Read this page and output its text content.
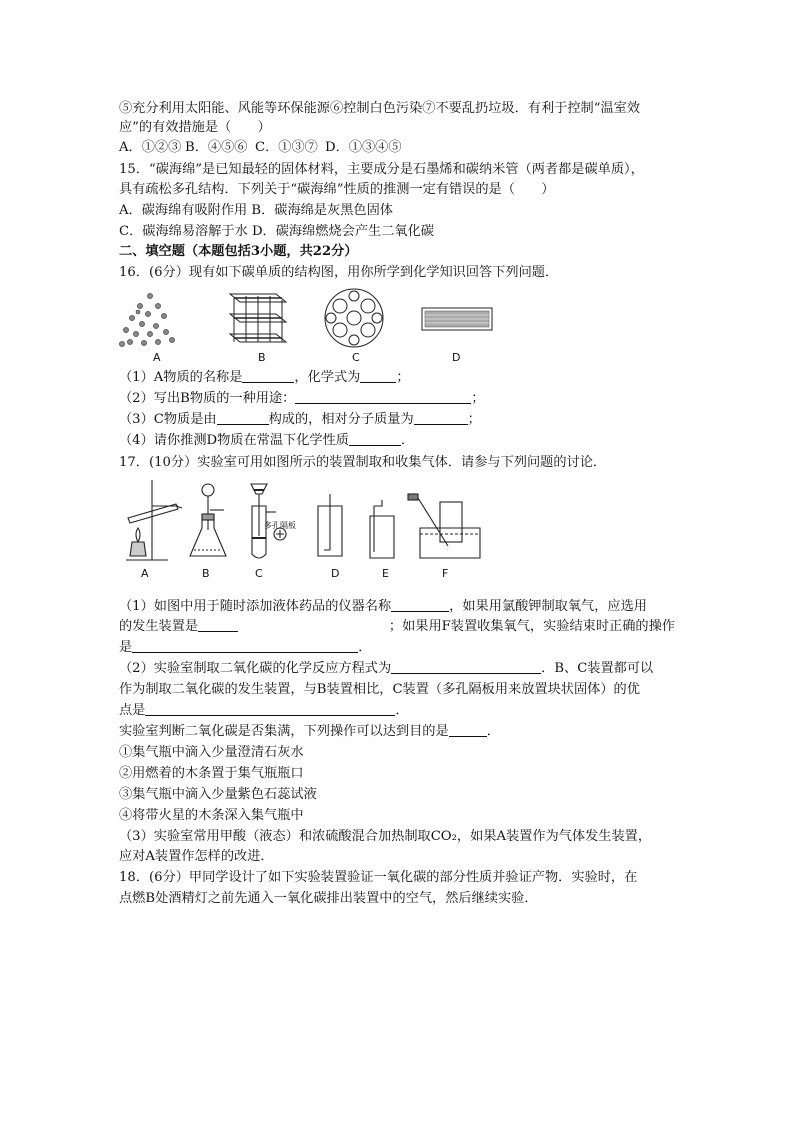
⑤充分利用太阳能、风能等环保能源⑥控制白色污染⑦不要乱扔垃圾．有利于控制“温室效
应”的有效措施是（　　）
A．①②③ B．④⑤⑥ C．①③⑦ D．①③④⑤
15．“碳海绵”是已知最轻的固体材料，主要成分是石墨烯和碳纳米管（两者都是碳单质），
具有疏松多孔结构．下列关于“碳海绵”性质的推测一定有错误的是（　　）
A．碳海绵有吸附作用 B．碳海绵是灰黑色固体
C．碳海绵易溶解于水 D．碳海绵燃烧会产生二氧化碳
二、填空题（本题包括3小题，共22分）
16．(6分）现有如下碳单质的结构图，用你所学到化学知识回答下列问题．
A	B	C	D
（1）A物质的名称是	，化学式为	；
（2）写出B物质的一种用途：	；
（3）C物质是由	构成的，相对分子质量为	；
（4）请你推测D物质在常温下化学性质	．
17．(10分）实验室可用如图所示的装置制取和收集气体．请参与下列问题的讨论．
多孔隔板
A	B	C	D	E	F
（1）如图中用于随时添加液体药品的仪器名称	，如果用氯酸钾制取氧气，应选用
的发生装置是	；如果用F装置收集氧气，实验结束时正确的操作
是	．
（2）实验室制取二氧化碳的化学反应方程式为	．B、C装置都可以
作为制取二氧化碳的发生装置，与B装置相比，C装置（多孔隔板用来放置块状固体）的优
点是	．
实验室判断二氧化碳是否集满，下列操作可以达到目的是	．
①集气瓶中滴入少量澄清石灰水
②用燃着的木条置于集气瓶瓶口
③集气瓶中滴入少量紫色石蕊试液
④将带火星的木条深入集气瓶中
（3）实验室常用甲酸（液态）和浓硫酸混合加热制取CO₂，如果A装置作为气体发生装置，
应对A装置作怎样的改进．
18．(6分）甲同学设计了如下实验装置验证一氧化碳的部分性质并验证产物．实验时，在
点燃B处酒精灯之前先通入一氧化碳排出装置中的空气，然后继续实验．
